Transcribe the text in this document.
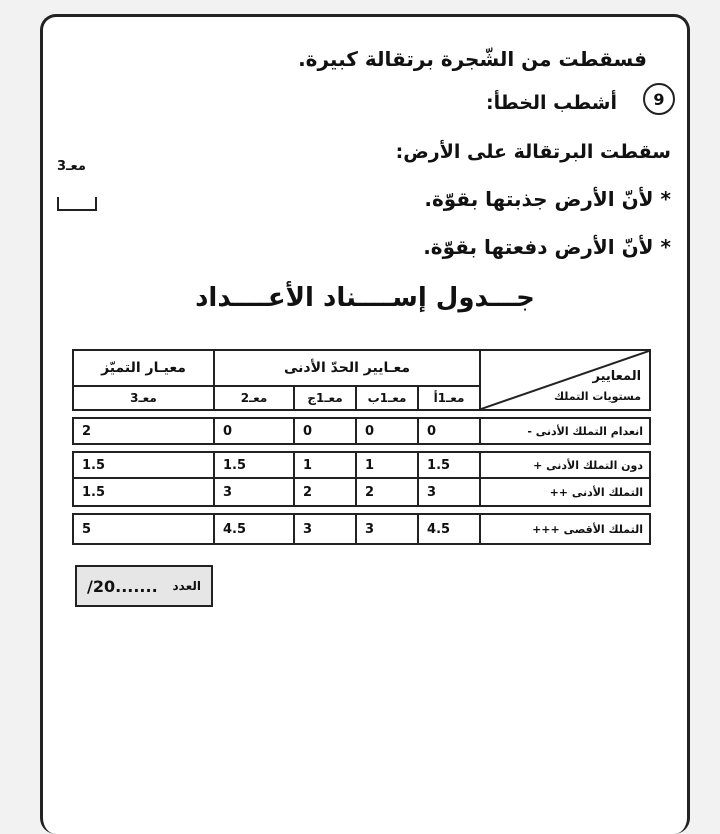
فسقطت من الشّجرة برتقالة كبيرة.
9
أشطب الخطأ:
سقطت البرتقالة على الأرض:
* لأنّ الأرض جذبتها بقوّة.
* لأنّ الأرض دفعتها بقوّة.
معـ3
جـــدول إســــناد الأعــــداد
المعايير
مستويات التملك	معـايير الحدّ الأدنى				معيـار التميّز
	معـ1أ	معـ1ب	معـ1ج	معـ2	معـ3

انعدام التملك الأدنى -	0	0	0	0	2

دون التملك الأدنى +	1.5	1	1	1.5	1.5
التملك الأدنى ++	3	2	2	3	1.5

التملك الأقصى +++	4.5	3	3	4.5	5
العدد
/20.......
